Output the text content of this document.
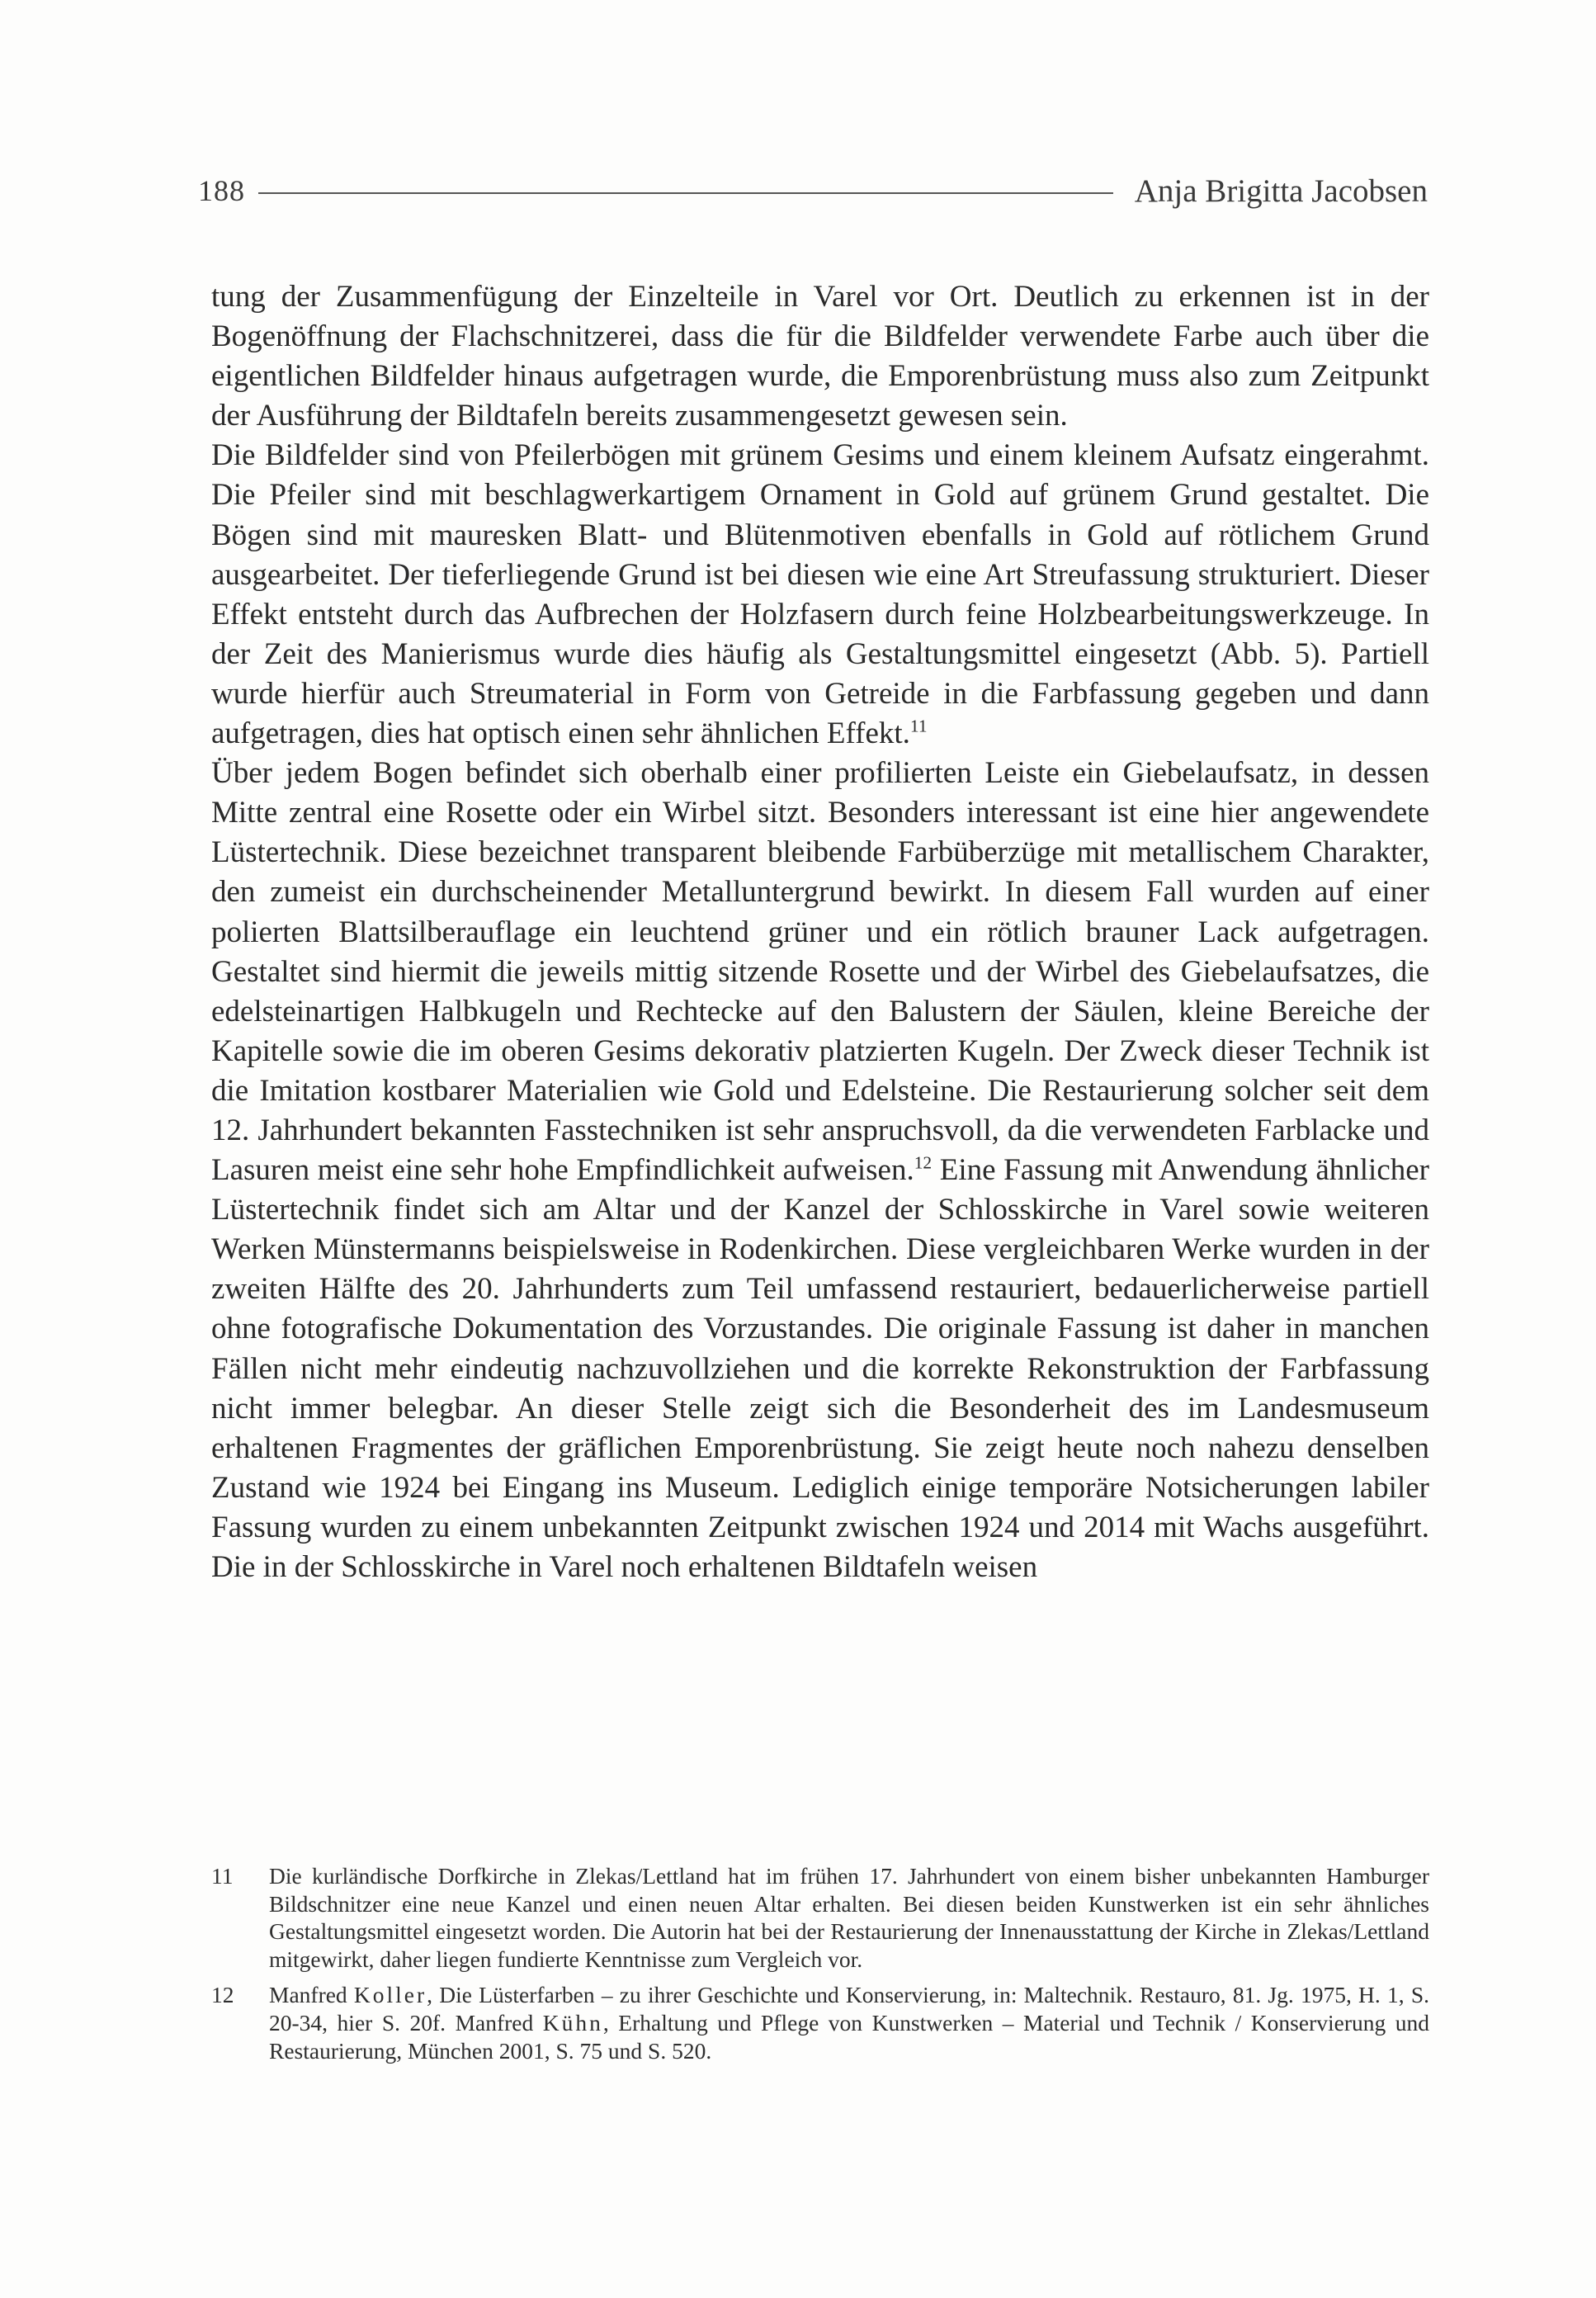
188	Anja Brigitta Jacobsen

tung der Zusammenfügung der Einzelteile in Varel vor Ort. Deutlich zu erkennen ist in der Bogenöffnung der Flachschnitzerei, dass die für die Bildfelder verwendete Farbe auch über die eigentlichen Bildfelder hinaus aufgetragen wurde, die Emporenbrüstung muss also zum Zeitpunkt der Ausführung der Bildtafeln bereits zusammengesetzt gewesen sein.

Die Bildfelder sind von Pfeilerbögen mit grünem Gesims und einem kleinem Aufsatz eingerahmt. Die Pfeiler sind mit beschlagwerkartigem Ornament in Gold auf grünem Grund gestaltet. Die Bögen sind mit mauresken Blatt- und Blütenmotiven ebenfalls in Gold auf rötlichem Grund ausgearbeitet. Der tieferliegende Grund ist bei diesen wie eine Art Streufassung strukturiert. Dieser Effekt entsteht durch das Aufbrechen der Holzfasern durch feine Holzbearbeitungswerkzeuge. In der Zeit des Manierismus wurde dies häufig als Gestaltungsmittel eingesetzt (Abb. 5). Partiell wurde hierfür auch Streumaterial in Form von Getreide in die Farbfassung gegeben und dann aufgetragen, dies hat optisch einen sehr ähnlichen Effekt.$^{11}$

Über jedem Bogen befindet sich oberhalb einer profilierten Leiste ein Giebelaufsatz, in dessen Mitte zentral eine Rosette oder ein Wirbel sitzt. Besonders interessant ist eine hier angewendete Lüstertechnik. Diese bezeichnet transparent bleibende Farbüberzüge mit metallischem Charakter, den zumeist ein durchscheinender Metalluntergrund bewirkt. In diesem Fall wurden auf einer polierten Blattsilberauflage ein leuchtend grüner und ein rötlich brauner Lack aufgetragen. Gestaltet sind hiermit die jeweils mittig sitzende Rosette und der Wirbel des Giebelaufsatzes, die edelsteinartigen Halbkugeln und Rechtecke auf den Balustern der Säulen, kleine Bereiche der Kapitelle sowie die im oberen Gesims dekorativ platzierten Kugeln. Der Zweck dieser Technik ist die Imitation kostbarer Materialien wie Gold und Edelsteine. Die Restaurierung solcher seit dem 12. Jahrhundert bekannten Fasstechniken ist sehr anspruchsvoll, da die verwendeten Farblacke und Lasuren meist eine sehr hohe Empfindlichkeit aufweisen.$^{12}$ Eine Fassung mit Anwendung ähnlicher Lüstertechnik findet sich am Altar und der Kanzel der Schlosskirche in Varel sowie weiteren Werken Münstermanns beispielsweise in Rodenkirchen. Diese vergleichbaren Werke wurden in der zweiten Hälfte des 20. Jahrhunderts zum Teil umfassend restauriert, bedauerlicherweise partiell ohne fotografische Dokumentation des Vorzustandes. Die originale Fassung ist daher in manchen Fällen nicht mehr eindeutig nachzuvollziehen und die korrekte Rekonstruktion der Farbfassung nicht immer belegbar. An dieser Stelle zeigt sich die Besonderheit des im Landesmuseum erhaltenen Fragmentes der gräflichen Emporenbrüstung. Sie zeigt heute noch nahezu denselben Zustand wie 1924 bei Eingang ins Museum. Lediglich einige temporäre Notsicherungen labiler Fassung wurden zu einem unbekannten Zeitpunkt zwischen 1924 und 2014 mit Wachs ausgeführt. Die in der Schlosskirche in Varel noch erhaltenen Bildtafeln weisen

11	Die kurländische Dorfkirche in Zlekas/Lettland hat im frühen 17. Jahrhundert von einem bisher unbekannten Hamburger Bildschnitzer eine neue Kanzel und einen neuen Altar erhalten. Bei diesen beiden Kunstwerken ist ein sehr ähnliches Gestaltungsmittel eingesetzt worden. Die Autorin hat bei der Restaurierung der Innenausstattung der Kirche in Zlekas/Lettland mitgewirkt, daher liegen fundierte Kenntnisse zum Vergleich vor.
12	Manfred Koller, Die Lüsterfarben – zu ihrer Geschichte und Konservierung, in: Maltechnik. Restauro, 81. Jg. 1975, H. 1, S. 20-34, hier S. 20f. Manfred Kühn, Erhaltung und Pflege von Kunstwerken – Material und Technik / Konservierung und Restaurierung, München 2001, S. 75 und S. 520.
